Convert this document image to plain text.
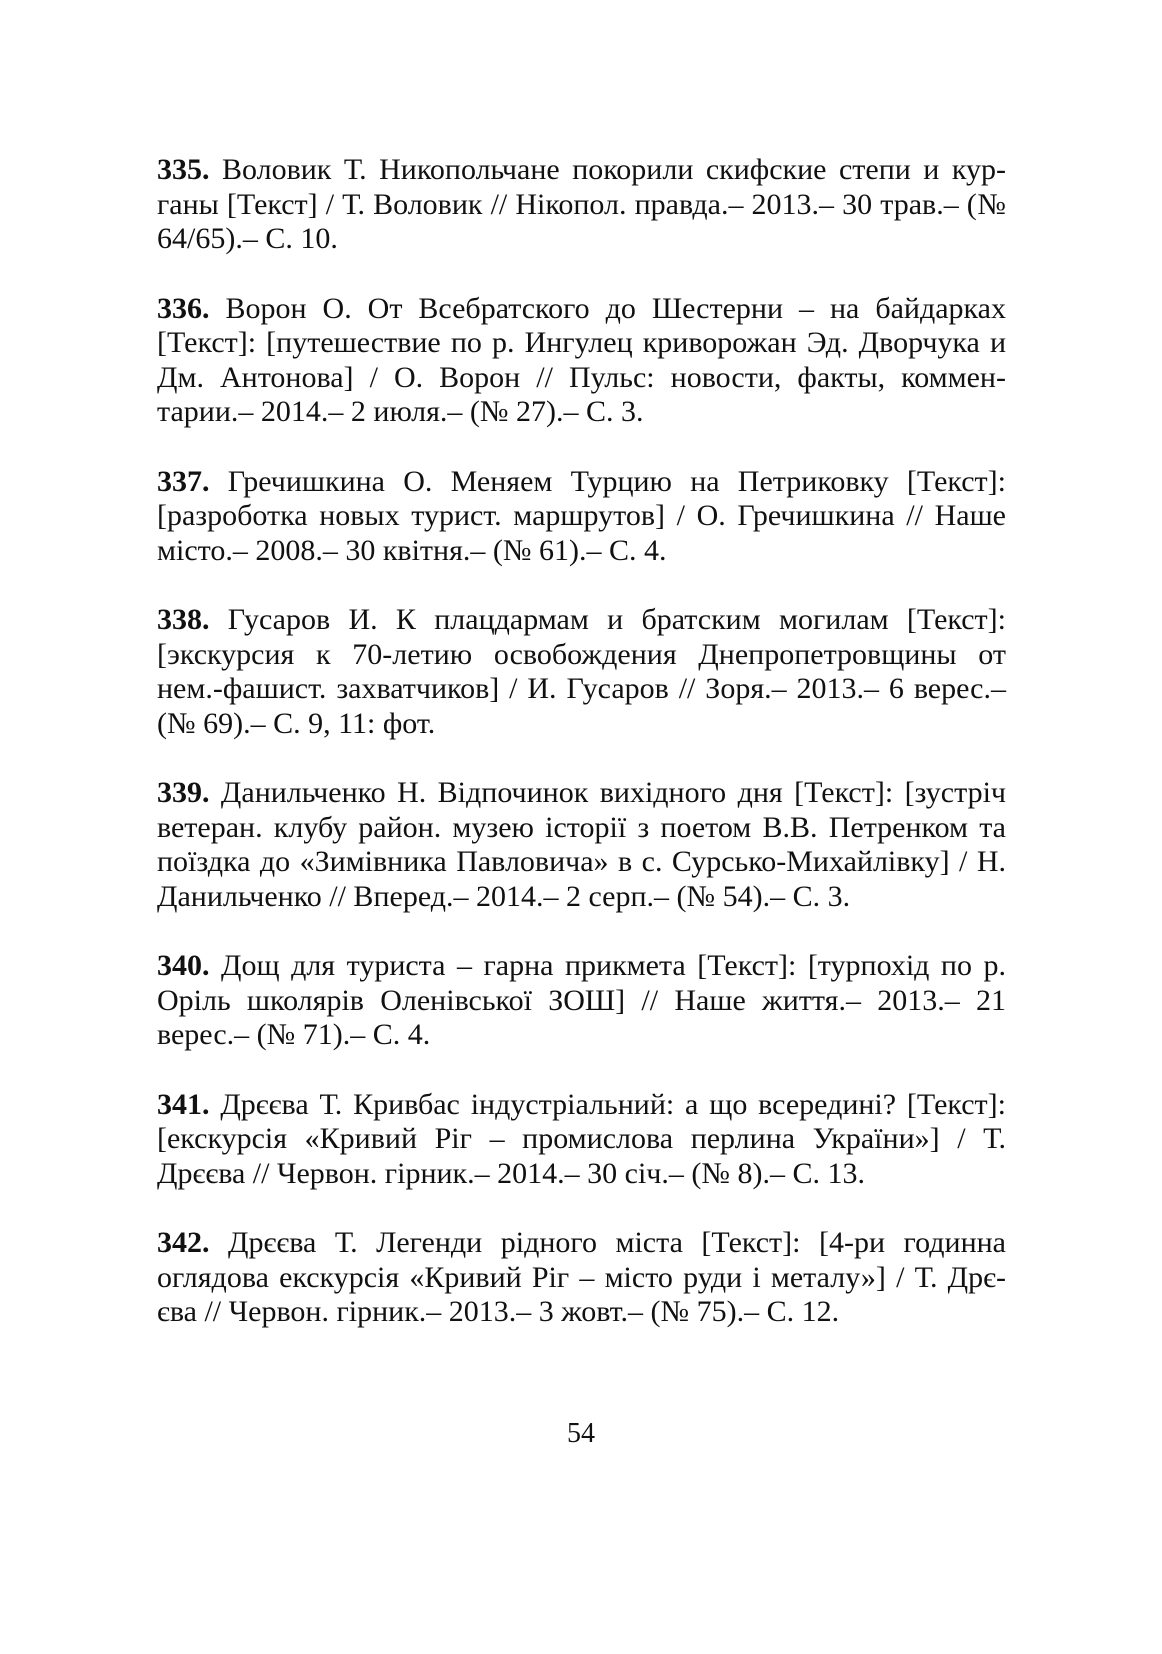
335. Воловик Т. Никопольчане покорили скифские степи и курганы [Текст] / Т. Воловик // Нікопол. правда.– 2013.– 30 трав.– (№ 64/65).– С. 10.

336. Ворон О. От Всебратского до Шестерни – на байдарках [Текст]: [путешествие по р. Ингулец криворожан Эд. Дворчука и Дм. Антонова] / О. Ворон // Пульс: новости, факты, комментарии.– 2014.– 2 июля.– (№ 27).– С. 3.

337. Гречишкина О. Меняем Турцию на Петриковку [Текст]: [разроботка новых турист. маршрутов] / О. Гречишкина // Наше місто.– 2008.– 30 квітня.– (№ 61).– С. 4.

338. Гусаров И. К плацдармам и братским могилам [Текст]: [экскурсия к 70-летию освобождения Днепропетровщины от нем.-фашист. захватчиков] / И. Гусаров // Зоря.– 2013.– 6 верес.– (№ 69).– С. 9, 11: фот.

339. Данильченко Н. Відпочинок вихідного дня [Текст]: [зустріч ветеран. клубу район. музею історії з поетом В.В. Петренком та поїздка до «Зимівника Павловича» в с. Сурсько-Михайлівку] / Н. Данильченко // Вперед.– 2014.– 2 серп.– (№ 54).– С. 3.

340. Дощ для туриста – гарна прикмета [Текст]: [турпохід по р. Оріль школярів Оленівської ЗОШ] // Наше життя.– 2013.– 21 верес.– (№ 71).– С. 4.

341. Дрєєва Т. Кривбас індустріальний: а що всередині? [Текст]: [екскурсія «Кривий Ріг – промислова перлина України»] / Т. Дрєєва // Червон. гірник.– 2014.– 30 січ.– (№ 8).– С. 13.

342. Дрєєва Т. Легенди рідного міста [Текст]: [4-ри годинна оглядова екскурсія «Кривий Ріг – місто руди і металу»] / Т. Дрєєва // Червон. гірник.– 2013.– 3 жовт.– (№ 75).– С. 12.

54
